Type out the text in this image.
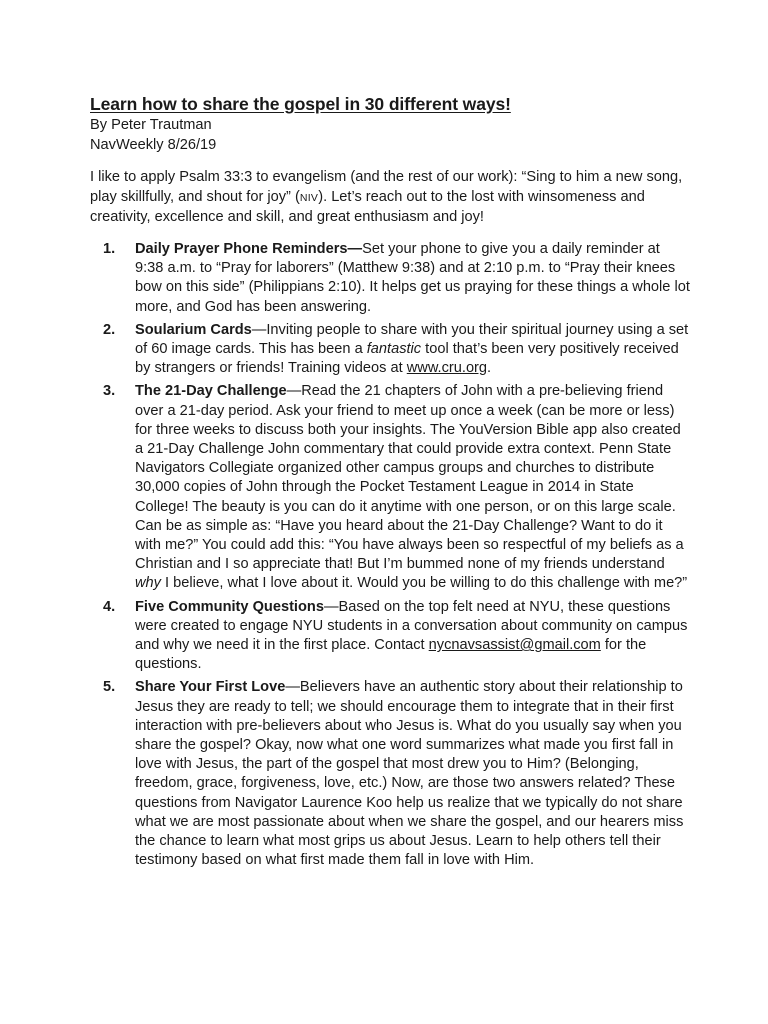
Learn how to share the gospel in 30 different ways!

By Peter Trautman

NavWeekly 8/26/19

I like to apply Psalm 33:3 to evangelism (and the rest of our work): “Sing to him a new song, play skillfully, and shout for joy” (NIV). Let’s reach out to the lost with winsomeness and creativity, excellence and skill, and great enthusiasm and joy!

1. Daily Prayer Phone Reminders—Set your phone to give you a daily reminder at 9:38 a.m. to “Pray for laborers” (Matthew 9:38) and at 2:10 p.m. to “Pray their knees bow on this side” (Philippians 2:10). It helps get us praying for these things a whole lot more, and God has been answering.
2. Soularium Cards—Inviting people to share with you their spiritual journey using a set of 60 image cards. This has been a fantastic tool that’s been very positively received by strangers or friends! Training videos at www.cru.org.
3. The 21-Day Challenge—Read the 21 chapters of John with a pre-believing friend over a 21-day period. Ask your friend to meet up once a week (can be more or less) for three weeks to discuss both your insights. The YouVersion Bible app also created a 21-Day Challenge John commentary that could provide extra context. Penn State Navigators Collegiate organized other campus groups and churches to distribute 30,000 copies of John through the Pocket Testament League in 2014 in State College! The beauty is you can do it anytime with one person, or on this large scale. Can be as simple as: “Have you heard about the 21-Day Challenge? Want to do it with me?” You could add this: “You have always been so respectful of my beliefs as a Christian and I so appreciate that! But I’m bummed none of my friends understand why I believe, what I love about it. Would you be willing to do this challenge with me?”
4. Five Community Questions—Based on the top felt need at NYU, these questions were created to engage NYU students in a conversation about community on campus and why we need it in the first place. Contact nycnavsassist@gmail.com for the questions.
5. Share Your First Love—Believers have an authentic story about their relationship to Jesus they are ready to tell; we should encourage them to integrate that in their first interaction with pre-believers about who Jesus is. What do you usually say when you share the gospel? Okay, now what one word summarizes what made you first fall in love with Jesus, the part of the gospel that most drew you to Him? (Belonging, freedom, grace, forgiveness, love, etc.) Now, are those two answers related? These questions from Navigator Laurence Koo help us realize that we typically do not share what we are most passionate about when we share the gospel, and our hearers miss the chance to learn what most grips us about Jesus. Learn to help others tell their testimony based on what first made them fall in love with Him.
